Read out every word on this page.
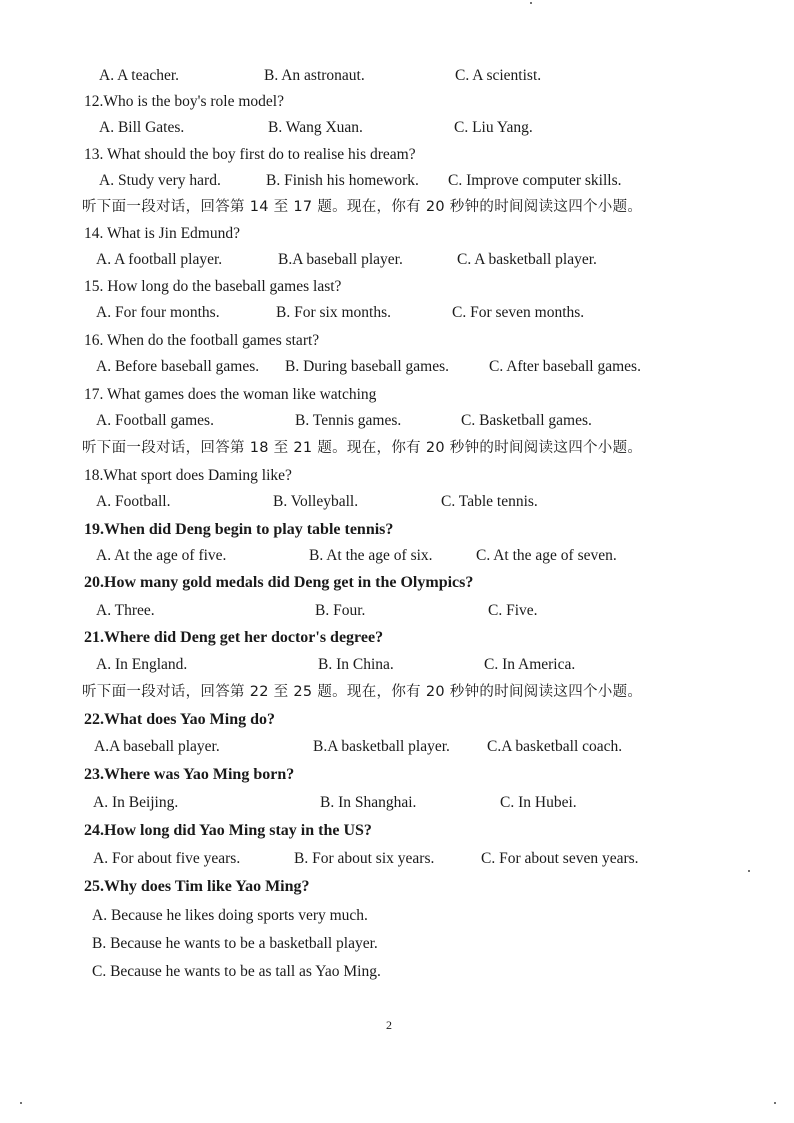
A. A teacher.	B. An astronaut.	C. A scientist.
12.Who is the boy's role model?
A. Bill Gates.	B. Wang Xuan.	C. Liu Yang.
13. What should the boy first do to realise his dream?
A. Study very hard.	B. Finish his homework. C. Improve computer skills.
听下面一段对话，回答第 14 至 17 题。现在，你有 20 秒钟的时间阅读这四个小题。
14. What is Jin Edmund?
A. A football player.	B.A baseball player.	C. A basketball player.
15. How long do the baseball games last?
A. For four months.	B. For six months.	C. For seven months.
16. When do the football games start?
A. Before baseball games. B. During baseball games.	C. After baseball games.
17. What games does the woman like watching
A. Football games.	B. Tennis games.	C. Basketball games.
听下面一段对话，回答第 18 至 21 题。现在，你有 20 秒钟的时间阅读这四个小题。
18.What sport does Daming like?
A. Football.	B. Volleyball.	C. Table tennis.
19.When did Deng begin to play table tennis?
A. At the age of five.	B. At the age of six.	C. At the age of seven.
20.How many gold medals did Deng get in the Olympics?
A. Three.	B. Four.	C. Five.
21.Where did Deng get her doctor's degree?
A. In England.	B. In China.	C. In America.
听下面一段对话，回答第 22 至 25 题。现在，你有 20 秒钟的时间阅读这四个小题。
22.What does Yao Ming do?
A.A baseball player.	B.A basketball player. C.A basketball coach.
23.Where was Yao Ming born?
A. In Beijing.	B. In Shanghai.	C. In Hubei.
24.How long did Yao Ming stay in the US?
A. For about five years.	B. For about six years.	C. For about seven years.
25.Why does Tim like Yao Ming?
A. Because he likes doing sports very much.
B. Because he wants to be a basketball player.
C. Because he wants to be as tall as Yao Ming.
2
